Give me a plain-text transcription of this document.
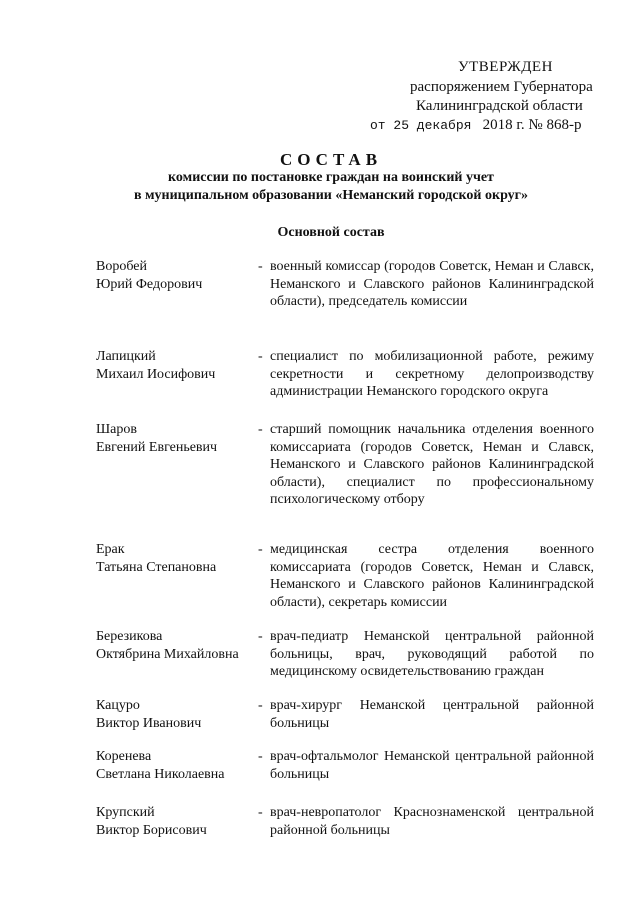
УТВЕРЖДЕН
распоряжением Губернатора
Калининградской области
от 25 декабря 2018 г. № 868-р
СОСТАВ
комиссии по постановке граждан на воинский учет
в муниципальном образовании «Неманский городской округ»
Основной состав
Воробей
Юрий Федорович
- военный комиссар (городов Советск, Неман и Славск, Неманского и Славского районов Калининградской области), председатель комиссии
Лапицкий
Михаил Иосифович
- специалист по мобилизационной работе, режиму секретности и секретному делопроизводству администрации Неманского городского округа
Шаров
Евгений Евгеньевич
- старший помощник начальника отделения военного комиссариата (городов Советск, Неман и Славск, Неманского и Славского районов Калининградской области), специалист по профессиональному психологическому отбору
Ерак
Татьяна Степановна
- медицинская сестра отделения военного комиссариата (городов Советск, Неман и Славск, Неманского и Славского районов Калининградской области), секретарь комиссии
Березикова
Октябрина Михайловна
- врач-педиатр Неманской центральной районной больницы, врач, руководящий работой по медицинскому освидетельствованию граждан
Кацуро
Виктор Иванович
- врач-хирург Неманской центральной районной больницы
Коренева
Светлана Николаевна
- врач-офтальмолог Неманской центральной районной больницы
Крупский
Виктор Борисович
- врач-невропатолог Краснознаменской центральной районной больницы
